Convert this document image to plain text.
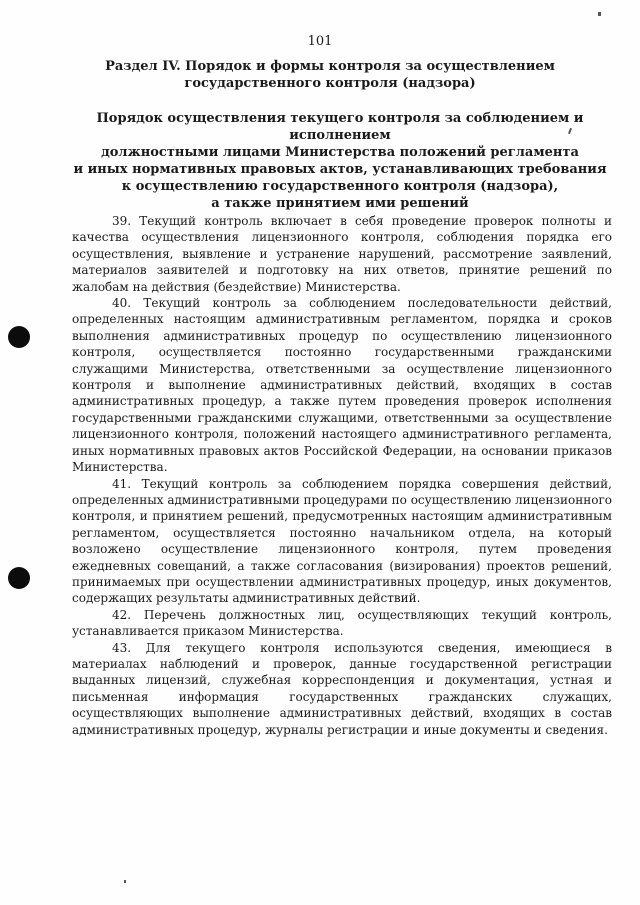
101
Раздел IV. Порядок и формы контроля за осуществлением
государственного контроля (надзора)
Порядок осуществления текущего контроля за соблюдением и исполнением
должностными лицами Министерства положений регламента
и иных нормативных правовых актов, устанавливающих требования
к осуществлению государственного контроля (надзора),
а также принятием ими решений

39. Текущий контроль включает в себя проведение проверок полноты и качества осуществления лицензионного контроля, соблюдения порядка его осуществления, выявление и устранение нарушений, рассмотрение заявлений, материалов заявителей и подготовку на них ответов, принятие решений по жалобам на действия (бездействие) Министерства.

40. Текущий контроль за соблюдением последовательности действий, определенных настоящим административным регламентом, порядка и сроков выполнения административных процедур по осуществлению лицензионного контроля, осуществляется постоянно государственными гражданскими служащими Министерства, ответственными за осуществление лицензионного контроля и выполнение административных действий, входящих в состав административных процедур, а также путем проведения проверок исполнения государственными гражданскими служащими, ответственными за осуществление лицензионного контроля, положений настоящего административного регламента, иных нормативных правовых актов Российской Федерации, на основании приказов Министерства.

41. Текущий контроль за соблюдением порядка совершения действий, определенных административными процедурами по осуществлению лицензионного контроля, и принятием решений, предусмотренных настоящим административным регламентом, осуществляется постоянно начальником отдела, на который возложено осуществление лицензионного контроля, путем проведения ежедневных совещаний, а также согласования (визирования) проектов решений, принимаемых при осуществлении административных процедур, иных документов, содержащих результаты административных действий.

42. Перечень должностных лиц, осуществляющих текущий контроль, устанавливается приказом Министерства.

43. Для текущего контроля используются сведения, имеющиеся в материалах наблюдений и проверок, данные государственной регистрации выданных лицензий, служебная корреспонденция и документация, устная и письменная информация государственных гражданских служащих, осуществляющих выполнение административных действий, входящих в состав административных процедур, журналы регистрации и иные документы и сведения.
